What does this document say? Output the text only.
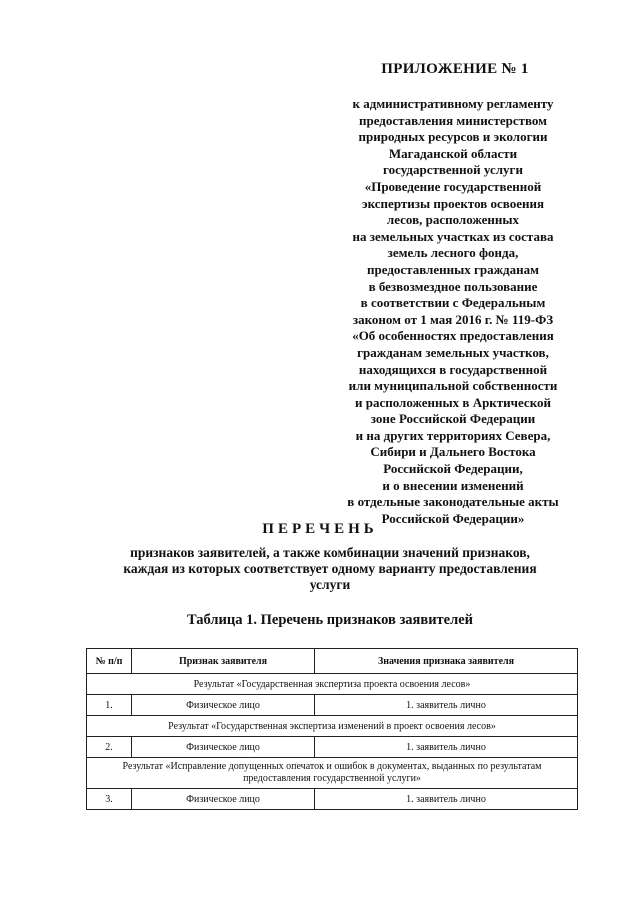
ПРИЛОЖЕНИЕ № 1
к административному регламенту
предоставления министерством
природных ресурсов и экологии
Магаданской области
государственной услуги
«Проведение государственной
экспертизы проектов освоения
лесов, расположенных
на земельных участках из состава
земель лесного фонда,
предоставленных гражданам
в безвозмездное пользование
в соответствии с Федеральным
законом от 1 мая 2016 г. № 119-ФЗ
«Об особенностях предоставления
гражданам земельных участков,
находящихся в государственной
или муниципальной собственности
и расположенных в Арктической
зоне Российской Федерации
и на других территориях Севера,
Сибири и Дальнего Востока
Российской Федерации,
и о внесении изменений
в отдельные законодательные акты
Российской Федерации»
ПЕРЕЧЕНЬ
признаков заявителей, а также комбинации значений признаков,
каждая из которых соответствует одному варианту предоставления
услуги
Таблица 1. Перечень признаков заявителей
№ п/п	Признак заявителя	Значения признака заявителя
Результат «Государственная экспертиза проекта освоения лесов»		
1.	Физическое лицо	1. заявитель лично
Результат «Государственная экспертиза изменений в проект освоения лесов»		
2.	Физическое лицо	1. заявитель лично
Результат «Исправление допущенных опечаток и ошибок в документах, выданных по результатам предоставления государственной услуги»		
3.	Физическое лицо	1. заявитель лично
